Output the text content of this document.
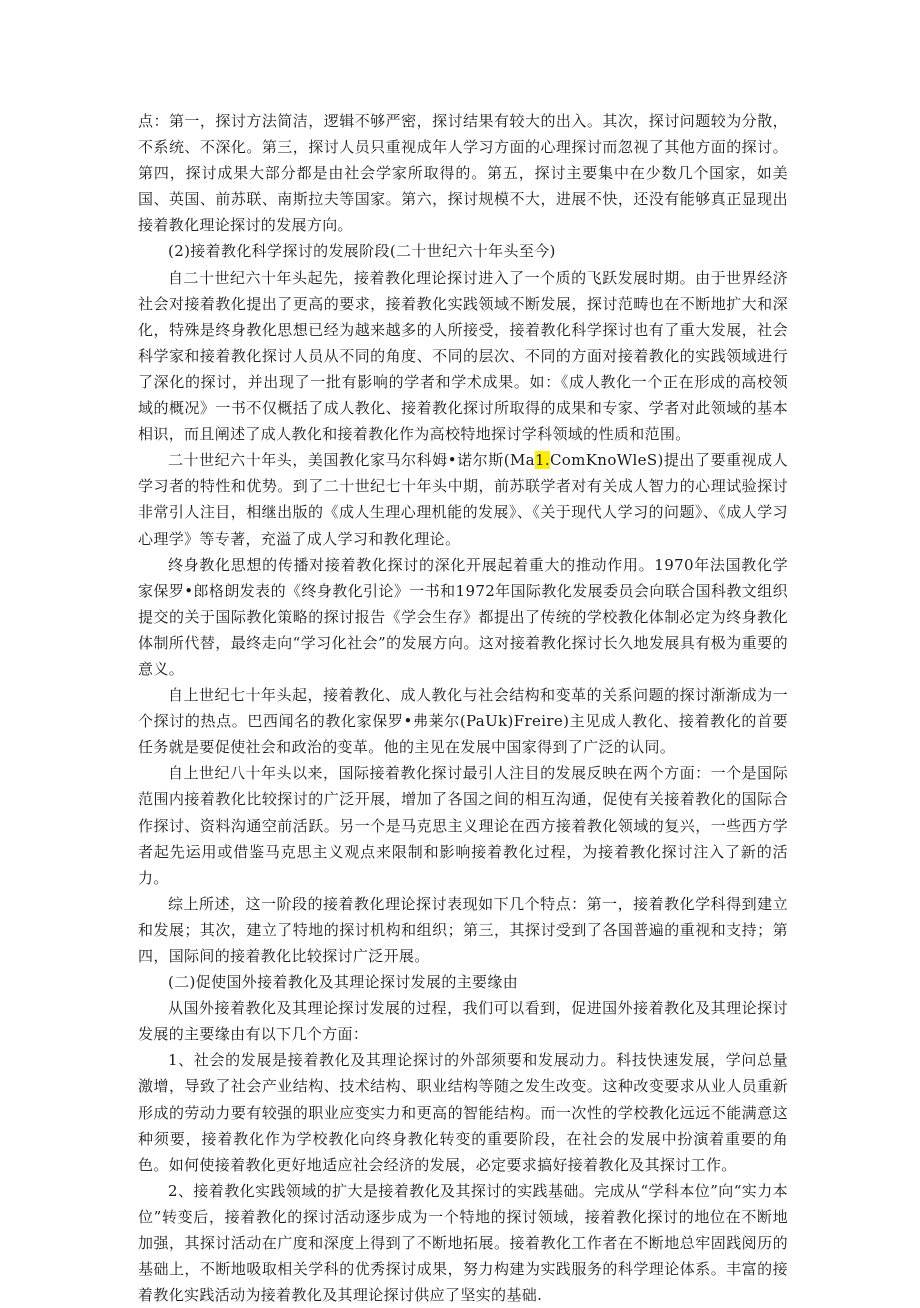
点：第一，探讨方法简洁，逻辑不够严密，探讨结果有较大的出入。其次，探讨问题较为分散，不系统、不深化。第三，探讨人员只重视成年人学习方面的心理探讨而忽视了其他方面的探讨。第四，探讨成果大部分都是由社会学家所取得的。第五，探讨主要集中在少数几个国家，如美国、英国、前苏联、南斯拉夫等国家。第六，探讨规模不大，进展不快，还没有能够真正显现出接着教化理论探讨的发展方向。

(2)接着教化科学探讨的发展阶段(二十世纪六十年头至今)

自二十世纪六十年头起先，接着教化理论探讨进入了一个质的飞跃发展时期。由于世界经济社会对接着教化提出了更高的要求，接着教化实践领域不断发展，探讨范畴也在不断地扩大和深化，特殊是终身教化思想已经为越来越多的人所接受，接着教化科学探讨也有了重大发展，社会科学家和接着教化探讨人员从不同的角度、不同的层次、不同的方面对接着教化的实践领域进行了深化的探讨，并出现了一批有影响的学者和学术成果。如：《成人教化一个正在形成的高校领域的概况》一书不仅概括了成人教化、接着教化探讨所取得的成果和专家、学者对此领域的基本相识，而且阐述了成人教化和接着教化作为高校特地探讨学科领域的性质和范围。

二十世纪六十年头，美国教化家马尔科姆•诺尔斯(Ma1.ComKnoWleS)提出了要重视成人学习者的特性和优势。到了二十世纪七十年头中期，前苏联学者对有关成人智力的心理试验探讨非常引人注目，相继出版的《成人生理心理机能的发展》、《关于现代人学习的问题》、《成人学习心理学》等专著，充溢了成人学习和教化理论。

终身教化思想的传播对接着教化探讨的深化开展起着重大的推动作用。1970年法国教化学家保罗•郎格朗发表的《终身教化引论》一书和1972年国际教化发展委员会向联合国科教文组织提交的关于国际教化策略的探讨报告《学会生存》都提出了传统的学校教化体制必定为终身教化体制所代替，最终走向“学习化社会”的发展方向。这对接着教化探讨长久地发展具有极为重要的意义。

自上世纪七十年头起，接着教化、成人教化与社会结构和变革的关系问题的探讨渐渐成为一个探讨的热点。巴西闻名的教化家保罗•弗莱尔(PaUk)Freire)主见成人教化、接着教化的首要任务就是要促使社会和政治的变革。他的主见在发展中国家得到了广泛的认同。

自上世纪八十年头以来，国际接着教化探讨最引人注目的发展反映在两个方面：一个是国际范围内接着教化比较探讨的广泛开展，增加了各国之间的相互沟通，促使有关接着教化的国际合作探讨、资料沟通空前活跃。另一个是马克思主义理论在西方接着教化领域的复兴，一些西方学者起先运用或借鉴马克思主义观点来限制和影响接着教化过程，为接着教化探讨注入了新的活力。

综上所述，这一阶段的接着教化理论探讨表现如下几个特点：第一，接着教化学科得到建立和发展；其次，建立了特地的探讨机构和组织；第三，其探讨受到了各国普遍的重视和支持；第四，国际间的接着教化比较探讨广泛开展。

(二)促使国外接着教化及其理论探讨发展的主要缘由

从国外接着教化及其理论探讨发展的过程，我们可以看到，促进国外接着教化及其理论探讨发展的主要缘由有以下几个方面：

1、社会的发展是接着教化及其理论探讨的外部须要和发展动力。科技快速发展，学问总量激增，导致了社会产业结构、技术结构、职业结构等随之发生改变。这种改变要求从业人员重新形成的劳动力要有较强的职业应变实力和更高的智能结构。而一次性的学校教化远远不能满意这种须要，接着教化作为学校教化向终身教化转变的重要阶段，在社会的发展中扮演着重要的角色。如何使接着教化更好地适应社会经济的发展，必定要求搞好接着教化及其探讨工作。

2、接着教化实践领域的扩大是接着教化及其探讨的实践基础。完成从“学科本位”向“实力本位”转变后，接着教化的探讨活动逐步成为一个特地的探讨领域，接着教化探讨的地位在不断地加强，其探讨活动在广度和深度上得到了不断地拓展。接着教化工作者在不断地总牢固践阅历的基础上，不断地吸取相关学科的优秀探讨成果，努力构建为实践服务的科学理论体系。丰富的接着教化实践活动为接着教化及其理论探讨供应了坚实的基础.
